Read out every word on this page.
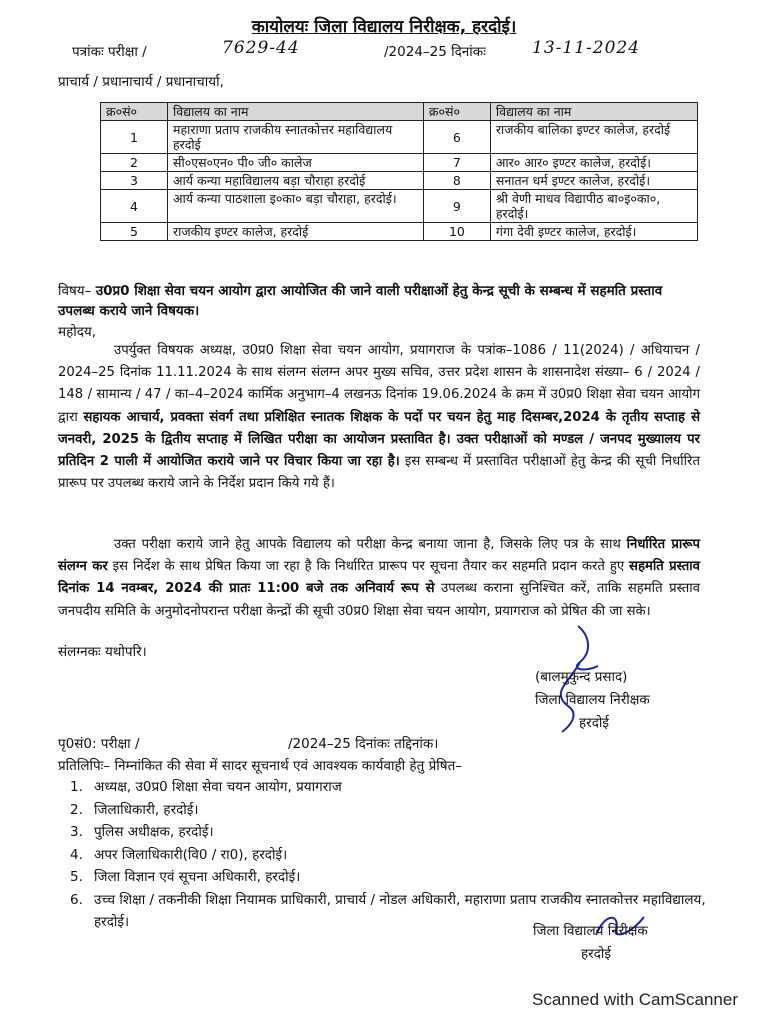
कायोलयः जिला विद्यालय निरीक्षक, हरदोई।
पत्रांकः परीक्षा /	7629-44	/2024–25 दिनांकः	13-11-2024
प्राचार्य / प्रधानाचार्य / प्रधानाचार्या,
क्र०सं०	विद्यालय का नाम	क्र०सं०	विद्यालय का नाम
1	महाराणा प्रताप राजकीय स्नातकोत्तर महाविद्यालय हरदोई	6	राजकीय बालिका इण्टर कालेज, हरदोई
2	सी०एस०एन० पी० जी० कालेज	7	आर० आर० इण्टर कालेज, हरदोई।
3	आर्य कन्या महाविद्यालय बड़ा चौराहा हरदोई	8	सनातन धर्म इण्टर कालेज, हरदोई।
4	आर्य कन्या पाठशाला इ०का० बड़ा चौराहा, हरदोई।	9	श्री वेणी माधव विद्यापीठ बा०इ०का०, हरदोई।
5	राजकीय इण्टर कालेज, हरदोई	10	गंगा देवी इण्टर कालेज, हरदोई।
विषय– उ0प्र0 शिक्षा सेवा चयन आयोग द्वारा आयोजित की जाने वाली परीक्षाओं हेतु केन्द्र सूची के सम्बन्ध में सहमति प्रस्ताव उपलब्ध कराये जाने विषयक।
महोदय,
उपर्युक्त विषयक अध्यक्ष, उ0प्र0 शिक्षा सेवा चयन आयोग, प्रयागराज के पत्रांक–1086 / 11(2024) / अधियाचन / 2024–25 दिनांक 11.11.2024 के साथ संलग्न संलग्न अपर मुख्य सचिव, उत्तर प्रदेश शासन के शासनादेश संख्या– 6 / 2024 / 148 / सामान्य / 47 / का–4–2024 कार्मिक अनुभाग–4 लखनऊ दिनांक 19.06.2024 के क्रम में उ0प्र0 शिक्षा सेवा चयन आयोग द्वारा सहायक आचार्य, प्रवक्ता संवर्ग तथा प्रशिक्षित स्नातक शिक्षक के पदों पर चयन हेतु माह दिसम्बर,2024 के तृतीय सप्ताह से जनवरी, 2025 के द्वितीय सप्ताह में लिखित परीक्षा का आयोजन प्रस्तावित है। उक्त परीक्षाओं को मण्डल / जनपद मुख्यालय पर प्रतिदिन 2 पाली में आयोजित कराये जाने पर विचार किया जा रहा है। इस सम्बन्ध में प्रस्तावित परीक्षाओं हेतु केन्द्र की सूची निर्धारित प्रारूप पर उपलब्ध कराये जाने के निर्देश प्रदान किये गये हैं।
उक्त परीक्षा कराये जाने हेतु आपके विद्यालय को परीक्षा केन्द्र बनाया जाना है, जिसके लिए पत्र के साथ निर्धारित प्रारूप संलग्न कर इस निर्देश के साथ प्रेषित किया जा रहा है कि निर्धारित प्रारूप पर सूचना तैयार कर सहमति प्रदान करते हुए सहमति प्रस्ताव दिनांक 14 नवम्बर, 2024 की प्रातः 11:00 बजे तक अनिवार्य रूप से उपलब्ध कराना सुनिश्चित करें, ताकि सहमति प्रस्ताव जनपदीय समिति के अनुमोदनोपरान्त परीक्षा केन्द्रों की सूची उ0प्र0 शिक्षा सेवा चयन आयोग, प्रयागराज को प्रेषित की जा सके।
संलग्नकः यथोपरि।
(बालमुकुन्द प्रसाद)
जिला विद्यालय निरीक्षक
हरदोई
पृ0सं0: परीक्षा /	/2024–25 दिनांकः तद्दिनांक।
प्रतिलिपिः– निम्नांकित की सेवा में सादर सूचनार्थ एवं आवश्यक कार्यवाही हेतु प्रेषित–
1. अध्यक्ष, उ0प्र0 शिक्षा सेवा चयन आयोग, प्रयागराज
2. जिलाधिकारी, हरदोई।
3. पुलिस अधीक्षक, हरदोई।
4. अपर जिलाधिकारी(वि0 / रा0), हरदोई।
5. जिला विज्ञान एवं सूचना अधिकारी, हरदोई।
6. उच्च शिक्षा / तकनीकी शिक्षा नियामक प्राधिकारी, प्राचार्य / नोडल अधिकारी, महाराणा प्रताप राजकीय स्नातकोत्तर महाविद्यालय, हरदोई।
जिला विद्यालय निरीक्षक
हरदोई
Scanned with CamScanner
